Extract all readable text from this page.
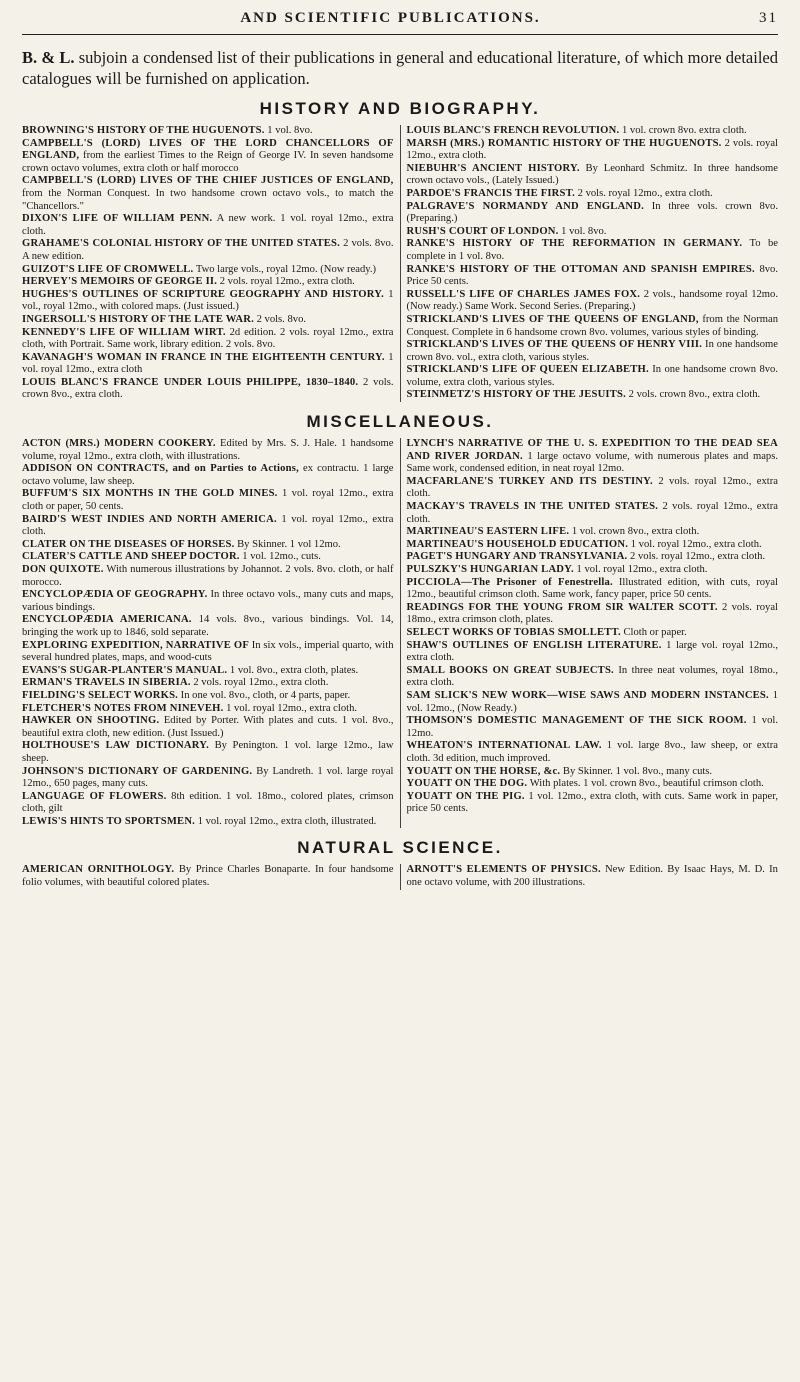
AND SCIENTIFIC PUBLICATIONS.	31

B. & L. subjoin a condensed list of their publications in general and educational literature, of which more detailed catalogues will be furnished on application.

HISTORY AND BIOGRAPHY.

BROWNING'S HISTORY OF THE HUGUENOTS. 1 vol. 8vo.

CAMPBELL'S (LORD) LIVES OF THE LORD CHANCELLORS OF ENGLAND, from the earliest Times to the Reign of George IV. In seven handsome crown octavo volumes, extra cloth or half morocco

CAMPBELL'S (LORD) LIVES OF THE CHIEF JUSTICES OF ENGLAND, from the Norman Conquest. In two handsome crown octavo vols., to match the "Chancellors."

DIXON'S LIFE OF WILLIAM PENN. A new work. 1 vol. royal 12mo., extra cloth.

GRAHAME'S COLONIAL HISTORY OF THE UNITED STATES. 2 vols. 8vo. A new edition.

GUIZOT'S LIFE OF CROMWELL. Two large vols., royal 12mo. (Now ready.)

HERVEY'S MEMOIRS OF GEORGE II. 2 vols. royal 12mo., extra cloth.

HUGHES'S OUTLINES OF SCRIPTURE GEOGRAPHY AND HISTORY. 1 vol., royal 12mo., with colored maps. (Just issued.)

INGERSOLL'S HISTORY OF THE LATE WAR. 2 vols. 8vo.

KENNEDY'S LIFE OF WILLIAM WIRT. 2d edition. 2 vols. royal 12mo., extra cloth, with Portrait. Same work, library edition. 2 vols. 8vo.

KAVANAGH'S WOMAN IN FRANCE IN THE EIGHTEENTH CENTURY. 1 vol. royal 12mo., extra cloth

LOUIS BLANC'S FRANCE UNDER LOUIS PHILIPPE, 1830–1840. 2 vols. crown 8vo., extra cloth.

LOUIS BLANC'S FRENCH REVOLUTION. 1 vol. crown 8vo. extra cloth.

MARSH (MRS.) ROMANTIC HISTORY OF THE HUGUENOTS. 2 vols. royal 12mo., extra cloth.

NIEBUHR'S ANCIENT HISTORY. By Leonhard Schmitz. In three handsome crown octavo vols., (Lately Issued.)

PARDOE'S FRANCIS THE FIRST. 2 vols. royal 12mo., extra cloth.

PALGRAVE'S NORMANDY AND ENGLAND. In three vols. crown 8vo. (Preparing.)

RUSH'S COURT OF LONDON. 1 vol. 8vo.

RANKE'S HISTORY OF THE REFORMATION IN GERMANY. To be complete in 1 vol. 8vo.

RANKE'S HISTORY OF THE OTTOMAN AND SPANISH EMPIRES. 8vo. Price 50 cents.

RUSSELL'S LIFE OF CHARLES JAMES FOX. 2 vols., handsome royal 12mo. (Now ready.) Same Work. Second Series. (Preparing.)

STRICKLAND'S LIVES OF THE QUEENS OF ENGLAND, from the Norman Conquest. Complete in 6 handsome crown 8vo. volumes, various styles of binding.

STRICKLAND'S LIVES OF THE QUEENS OF HENRY VIII. In one handsome crown 8vo. vol., extra cloth, various styles.

STRICKLAND'S LIFE OF QUEEN ELIZABETH. In one handsome crown 8vo. volume, extra cloth, various styles.

STEINMETZ'S HISTORY OF THE JESUITS. 2 vols. crown 8vo., extra cloth.

MISCELLANEOUS.

ACTON (MRS.) MODERN COOKERY. Edited by Mrs. S. J. Hale. 1 handsome volume, royal 12mo., extra cloth, with illustrations.

ADDISON ON CONTRACTS, and on Parties to Actions, ex contractu. 1 large octavo volume, law sheep.

BUFFUM'S SIX MONTHS IN THE GOLD MINES. 1 vol. royal 12mo., extra cloth or paper, 50 cents.

BAIRD'S WEST INDIES AND NORTH AMERICA. 1 vol. royal 12mo., extra cloth.

CLATER ON THE DISEASES OF HORSES. By Skinner. 1 vol 12mo.

CLATER'S CATTLE AND SHEEP DOCTOR. 1 vol. 12mo., cuts.

DON QUIXOTE. With numerous illustrations by Johannot. 2 vols. 8vo. cloth, or half morocco.

ENCYCLOPÆDIA OF GEOGRAPHY. In three octavo vols., many cuts and maps, various bindings.

ENCYCLOPÆDIA AMERICANA. 14 vols. 8vo., various bindings. Vol. 14, bringing the work up to 1846, sold separate.

EXPLORING EXPEDITION, NARRATIVE OF In six vols., imperial quarto, with several hundred plates, maps, and wood-cuts

EVANS'S SUGAR-PLANTER'S MANUAL. 1 vol. 8vo., extra cloth, plates.

ERMAN'S TRAVELS IN SIBERIA. 2 vols. royal 12mo., extra cloth.

FIELDING'S SELECT WORKS. In one vol. 8vo., cloth, or 4 parts, paper.

FLETCHER'S NOTES FROM NINEVEH. 1 vol. royal 12mo., extra cloth.

HAWKER ON SHOOTING. Edited by Porter. With plates and cuts. 1 vol. 8vo., beautiful extra cloth, new edition. (Just Issued.)

HOLTHOUSE'S LAW DICTIONARY. By Penington. 1 vol. large 12mo., law sheep.

JOHNSON'S DICTIONARY OF GARDENING. By Landreth. 1 vol. large royal 12mo., 650 pages, many cuts.

LANGUAGE OF FLOWERS. 8th edition. 1 vol. 18mo., colored plates, crimson cloth, gilt

LEWIS'S HINTS TO SPORTSMEN. 1 vol. royal 12mo., extra cloth, illustrated.

LYNCH'S NARRATIVE OF THE U. S. EXPEDITION TO THE DEAD SEA AND RIVER JORDAN. 1 large octavo volume, with numerous plates and maps. Same work, condensed edition, in neat royal 12mo.

MACFARLANE'S TURKEY AND ITS DESTINY. 2 vols. royal 12mo., extra cloth.

MACKAY'S TRAVELS IN THE UNITED STATES. 2 vols. royal 12mo., extra cloth.

MARTINEAU'S EASTERN LIFE. 1 vol. crown 8vo., extra cloth.

MARTINEAU'S HOUSEHOLD EDUCATION. 1 vol. royal 12mo., extra cloth.

PAGET'S HUNGARY AND TRANSYLVANIA. 2 vols. royal 12mo., extra cloth.

PULSZKY'S HUNGARIAN LADY. 1 vol. royal 12mo., extra cloth.

PICCIOLA—The Prisoner of Fenestrella. Illustrated edition, with cuts, royal 12mo., beautiful crimson cloth. Same work, fancy paper, price 50 cents.

READINGS FOR THE YOUNG FROM SIR WALTER SCOTT. 2 vols. royal 18mo., extra crimson cloth, plates.

SELECT WORKS OF TOBIAS SMOLLETT. Cloth or paper.

SHAW'S OUTLINES OF ENGLISH LITERATURE. 1 large vol. royal 12mo., extra cloth.

SMALL BOOKS ON GREAT SUBJECTS. In three neat volumes, royal 18mo., extra cloth.

SAM SLICK'S NEW WORK—WISE SAWS AND MODERN INSTANCES. 1 vol. 12mo., (Now Ready.)

THOMSON'S DOMESTIC MANAGEMENT OF THE SICK ROOM. 1 vol. 12mo.

WHEATON'S INTERNATIONAL LAW. 1 vol. large 8vo., law sheep, or extra cloth. 3d edition, much improved.

YOUATT ON THE HORSE, &c. By Skinner. 1 vol. 8vo., many cuts.

YOUATT ON THE DOG. With plates. 1 vol. crown 8vo., beautiful crimson cloth.

YOUATT ON THE PIG. 1 vol. 12mo., extra cloth, with cuts. Same work in paper, price 50 cents.

NATURAL SCIENCE.

AMERICAN ORNITHOLOGY. By Prince Charles Bonaparte. In four handsome folio volumes, with beautiful colored plates.

ARNOTT'S ELEMENTS OF PHYSICS. New Edition. By Isaac Hays, M. D. In one octavo volume, with 200 illustrations.
